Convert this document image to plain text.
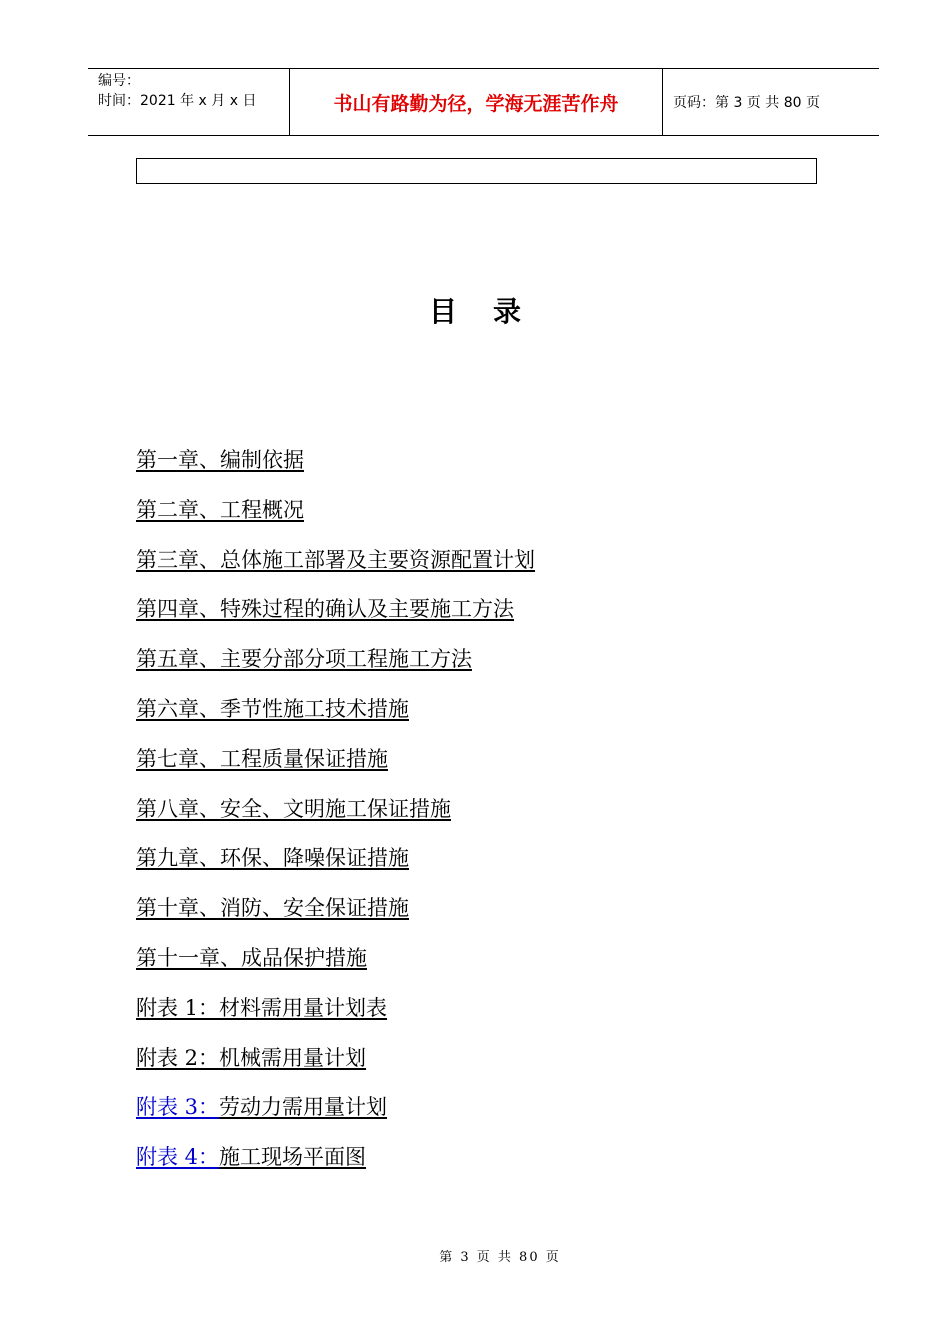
编号：
时间：2021 年 x 月 x 日	书山有路勤为径，学海无涯苦作舟	页码：第 3 页 共 80 页
目录
第一章、编制依据
第二章、工程概况
第三章、总体施工部署及主要资源配置计划
第四章、特殊过程的确认及主要施工方法
第五章、主要分部分项工程施工方法
第六章、季节性施工技术措施
第七章、工程质量保证措施
第八章、安全、文明施工保证措施
第九章、环保、降噪保证措施
第十章、消防、安全保证措施
第十一章、成品保护措施
附表 1：材料需用量计划表
附表 2：机械需用量计划
附表 3：劳动力需用量计划
附表 4：施工现场平面图
第 3 页 共 80 页
